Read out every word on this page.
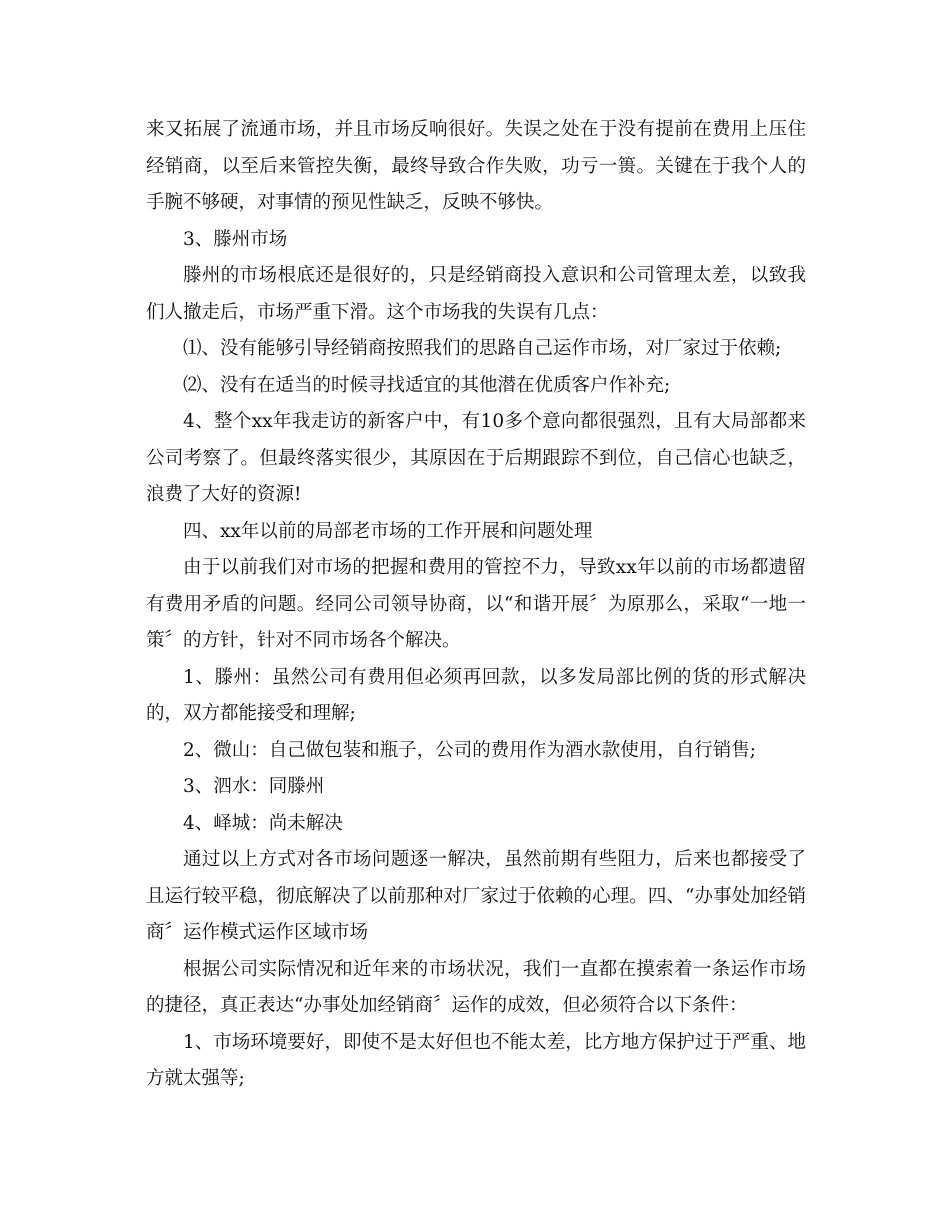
来又拓展了流通市场，并且市场反响很好。失误之处在于没有提前在费用上压住经销商，以至后来管控失衡，最终导致合作失败，功亏一篑。关键在于我个人的手腕不够硬，对事情的预见性缺乏，反映不够快。

3、滕州市场

滕州的市场根底还是很好的，只是经销商投入意识和公司管理太差，以致我们人撤走后，市场严重下滑。这个市场我的失误有几点：

⑴、没有能够引导经销商按照我们的思路自己运作市场，对厂家过于依赖;

⑵、没有在适当的时候寻找适宜的其他潜在优质客户作补充;

4、整个xx年我走访的新客户中，有10多个意向都很强烈，且有大局部都来公司考察了。但最终落实很少，其原因在于后期跟踪不到位，自己信心也缺乏，浪费了大好的资源!

四、xx年以前的局部老市场的工作开展和问题处理

由于以前我们对市场的把握和费用的管控不力，导致xx年以前的市场都遗留有费用矛盾的问题。经同公司领导协商，以“和谐开展〞为原那么，采取“一地一策〞的方针，针对不同市场各个解决。

1、滕州：虽然公司有费用但必须再回款，以多发局部比例的货的形式解决的，双方都能接受和理解;

2、微山：自己做包装和瓶子，公司的费用作为酒水款使用，自行销售;

3、泗水：同滕州

4、峄城：尚未解决

通过以上方式对各市场问题逐一解决，虽然前期有些阻力，后来也都接受了且运行较平稳，彻底解决了以前那种对厂家过于依赖的心理。四、“办事处加经销商〞运作模式运作区域市场

根据公司实际情况和近年来的市场状况，我们一直都在摸索着一条运作市场的捷径，真正表达“办事处加经销商〞运作的成效，但必须符合以下条件：

1、市场环境要好，即使不是太好但也不能太差，比方地方保护过于严重、地方就太强等;
